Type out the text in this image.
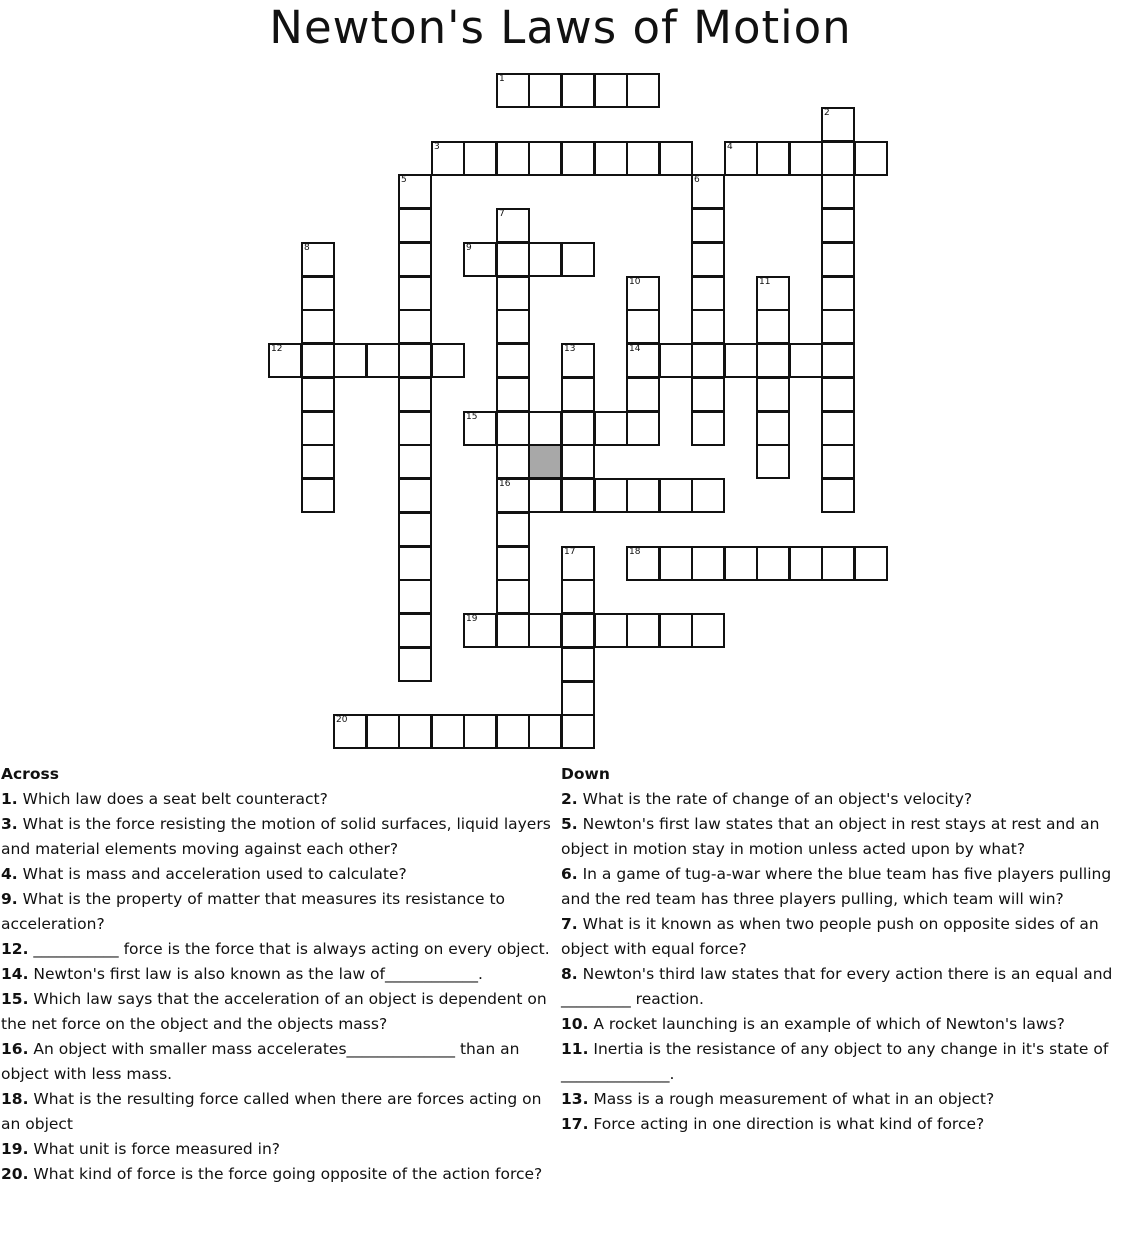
Newton's Laws of Motion
1
2
3	4
5	6
7
8	9
10	11
12	13	14
15
16
17	18
19
20
Across

1. Which law does a seat belt counteract?

3. What is the force resisting the motion of solid surfaces, liquid layers and material elements moving against each other?

4. What is mass and acceleration used to calculate?

9. What is the property of matter that measures its resistance to acceleration?

12. ___________ force is the force that is always acting on every object.

14. Newton's first law is also known as the law of____________.

15. Which law says that the acceleration of an object is dependent on the net force on the object and the objects mass?

16. An object with smaller mass accelerates______________ than an object with less mass.

18. What is the resulting force called when there are forces acting on an object

19. What unit is force measured in?

20. What kind of force is the force going opposite of the action force?

Down

2. What is the rate of change of an object's velocity?

5. Newton's first law states that an object in rest stays at rest and an object in motion stay in motion unless acted upon by what?

6. In a game of tug-a-war where the blue team has five players pulling and the red team has three players pulling, which team will win?

7. What is it known as when two people push on opposite sides of an object with equal force?

8. Newton's third law states that for every action there is an equal and _________ reaction.

10. A rocket launching is an example of which of Newton's laws?

11. Inertia is the resistance of any object to any change in it's state of ______________.

13. Mass is a rough measurement of what in an object?

17. Force acting in one direction is what kind of force?
